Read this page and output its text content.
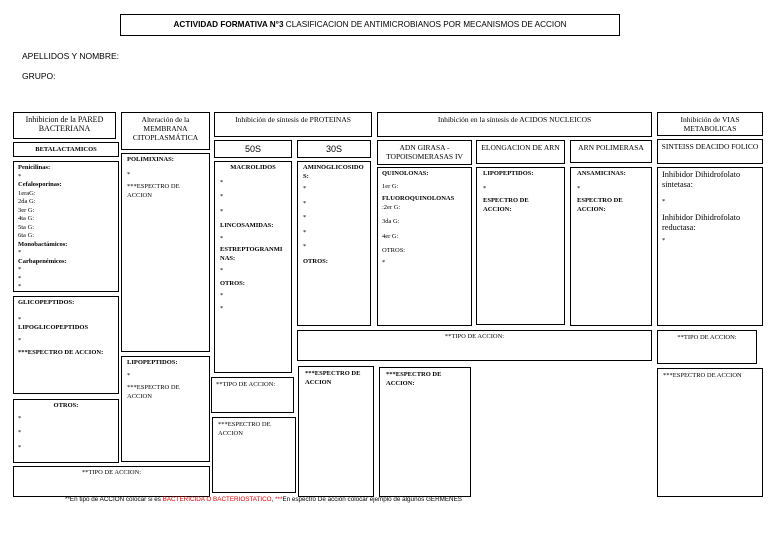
ACTIVIDAD FORMATIVA N°3 CLASIFICACION DE ANTIMICROBIANOS POR MECANISMOS DE ACCION
APELLIDOS Y NOMBRE:
GRUPO:
Inhibicion de la PARED BACTERIANA
Alteración de la MEMBRANA CITOPLASMÁTICA
Inhibición de síntesis de PROTEINAS	Inhibición en la síntesis de ACIDOS NUCLEICOS	Inhibición de VIAS METABOLICAS
BETALACTAMICOS	50S	30S	ADN GIRASA - TOPOISOMERASAS IV
ELONGACION DE ARN	ARN POLIMERASA	SINTEISS DEACIDO FOLICO
Penicilinas:
*
Cefalosporinas:
1eraG:
2da G:
3er G:
4ta G:
5ta G:
6ta G:
Monobactámicos:
*
Carbapenémicos:
*
*
*
GLICOPEPTIDOS:
*
LIPOGLICOPEPTIDOS
*
***ESPECTRO DE ACCION:
OTROS:
*
*
*
**TIPO DE ACCION:
POLIMIXINAS:
*
***ESPECTRO DE ACCION
LIPOPEPTIDOS:
*
***ESPECTRO DE ACCION
MACROLIDOS
*
*
*
LINCOSAMIDAS:
*
ESTREPTOGRANMINAS:
*
OTROS:
*
*
AMINOGLICOSIDOS:
*
*
*
*
*
OTROS:
**TIPO DE ACCION:
***ESPECTRO DE ACCION
QUINOLONAS:
1er G:
FLUOROQUINOLONAS
:2er G:
3da G:
4er G:
OTROS:
*
LIPOPEPTIDOS:
*
ESPECTRO DE ACCION:
ANSAMICINAS:
*
ESPECTRO DE ACCION:
Inhibidor Dihidrofolato sintetasa:
*
Inhibidor Dihidrofolato reductasa:
*
**TIPO DE ACCION:	**TIPO DE ACCION:
***ESPECTRO DE ACCION
***ESPECTRO DE ACCION:
***ESPECTRO DE ACCION
**En tipo de ACCION colocar si es BACTERICIDA O BACTERIOSTATICO, ***En espectro De acción colocar ejemplo de algunos GERMENES
